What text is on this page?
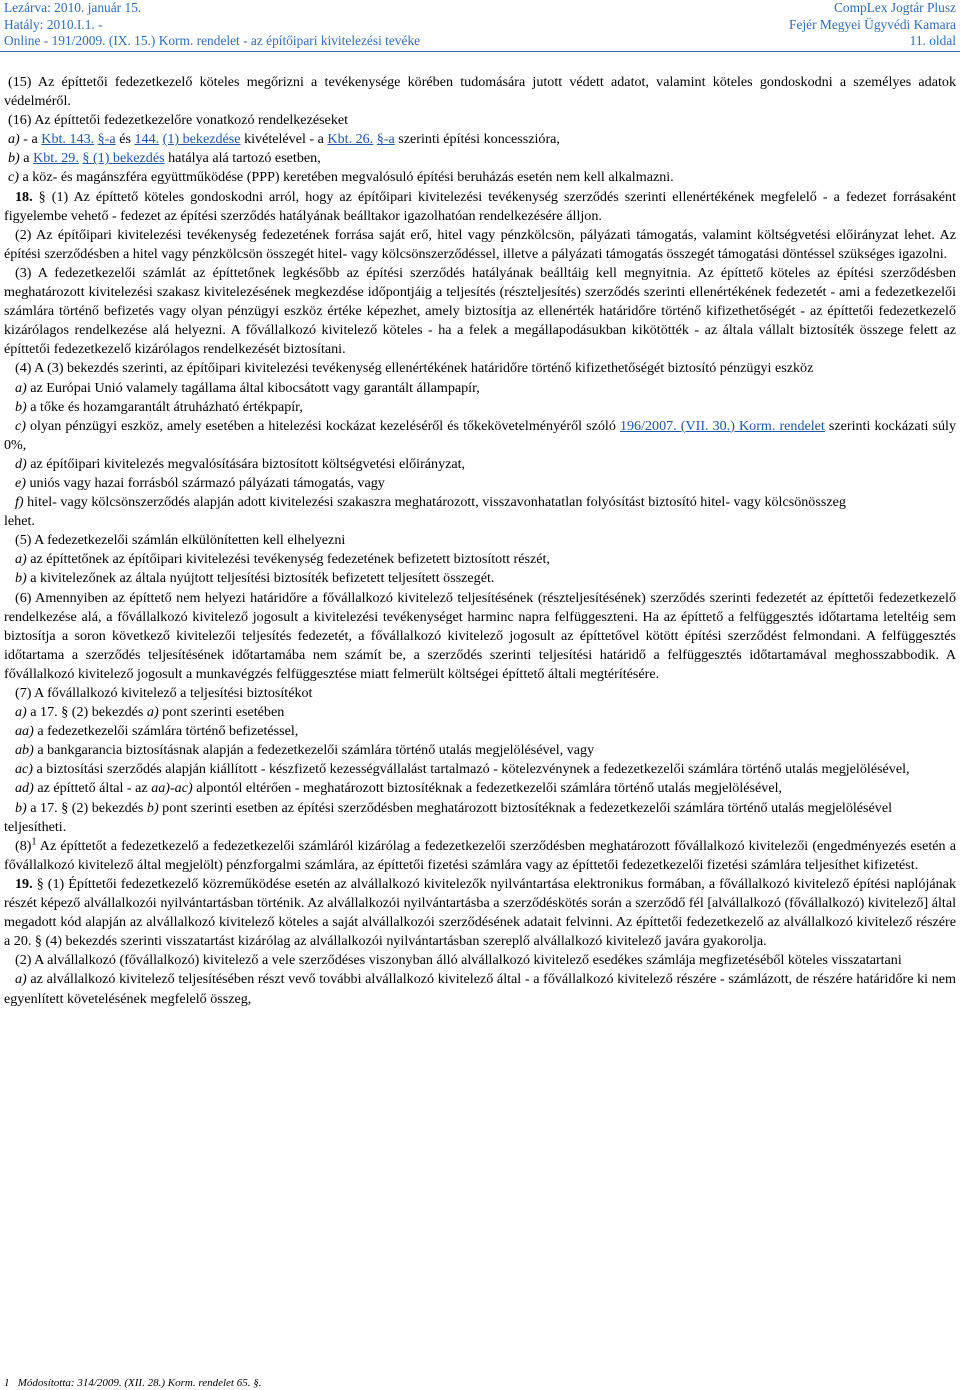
Lezárva: 2010. január 15.
Hatály: 2010.I.1. -
Online - 191/2009. (IX. 15.) Korm. rendelet - az építőipari kivitelezési tevéke
CompLex Jogtár Plusz
Fejér Megyei Ügyvédi Kamara
11. oldal

(15) Az építtetői fedezetkezelő köteles megőrizni a tevékenysége körében tudomására jutott védett adatot, valamint köteles gondoskodni a személyes adatok védelméről.

(16) Az építtetői fedezetkezelőre vonatkozó rendelkezéseket

a) - a Kbt. 143. §-a és 144. (1) bekezdése kivételével - a Kbt. 26. §-a szerinti építési koncesszióra,

b) a Kbt. 29. § (1) bekezdés hatálya alá tartozó esetben,

c) a köz- és magánszféra együttműködése (PPP) keretében megvalósuló építési beruházás esetén nem kell alkalmazni.

18. § (1) Az építtető köteles gondoskodni arról, hogy az építőipari kivitelezési tevékenység szerződés szerinti ellenértékének megfelelő - a fedezet forrásaként figyelembe vehető - fedezet az építési szerződés hatályának beálltakor igazolhatóan rendelkezésére álljon.

(2) Az építőipari kivitelezési tevékenység fedezetének forrása saját erő, hitel vagy pénzkölcsön, pályázati támogatás, valamint költségvetési előirányzat lehet. Az építési szerződésben a hitel vagy pénzkölcsön összegét hitel- vagy kölcsönszerződéssel, illetve a pályázati támogatás összegét támogatási döntéssel szükséges igazolni.

(3) A fedezetkezelői számlát az építtetőnek legkésőbb az építési szerződés hatályának beálltáig kell megnyitnia. Az építtető köteles az építési szerződésben meghatározott kivitelezési szakasz kivitelezésének megkezdése időpontjáig a teljesítés (részteljesítés) szerződés szerinti ellenértékének fedezetét - ami a fedezetkezelői számlára történő befizetés vagy olyan pénzügyi eszköz értéke képezhet, amely biztosítja az ellenérték határidőre történő kifizethetőségét - az építtetői fedezetkezelő kizárólagos rendelkezése alá helyezni. A fővállalkozó kivitelező köteles - ha a felek a megállapodásukban kikötötték - az általa vállalt biztosíték összege felett az építtetői fedezetkezelő kizárólagos rendelkezését biztosítani.

(4) A (3) bekezdés szerinti, az építőipari kivitelezési tevékenység ellenértékének határidőre történő kifizethetőségét biztosító pénzügyi eszköz

a) az Európai Unió valamely tagállama által kibocsátott vagy garantált állampapír,

b) a tőke és hozamgarantált átruházható értékpapír,

c) olyan pénzügyi eszköz, amely esetében a hitelezési kockázat kezeléséről és tőkekövetelményéről szóló 196/2007. (VII. 30.) Korm. rendelet szerinti kockázati súly 0%,

d) az építőipari kivitelezés megvalósítására biztosított költségvetési előirányzat,

e) uniós vagy hazai forrásból származó pályázati támogatás, vagy

f) hitel- vagy kölcsönszerződés alapján adott kivitelezési szakaszra meghatározott, visszavonhatatlan folyósítást biztosító hitel- vagy kölcsönösszeg

lehet.

(5) A fedezetkezelői számlán elkülönítetten kell elhelyezni

a) az építtetőnek az építőipari kivitelezési tevékenység fedezetének befizetett biztosított részét,

b) a kivitelezőnek az általa nyújtott teljesítési biztosíték befizetett teljesített összegét.

(6) Amennyiben az építtető nem helyezi határidőre a fővállalkozó kivitelező teljesítésének (részteljesítésének) szerződés szerinti fedezetét az építtetői fedezetkezelő rendelkezése alá, a fővállalkozó kivitelező jogosult a kivitelezési tevékenységet harminc napra felfüggeszteni. Ha az építtető a felfüggesztés időtartama leteltéig sem biztosítja a soron következő kivitelezői teljesítés fedezetét, a fővállalkozó kivitelező jogosult az építtetővel kötött építési szerződést felmondani. A felfüggesztés időtartama a szerződés teljesítésének időtartamába nem számít be, a szerződés szerinti teljesítési határidő a felfüggesztés időtartamával meghosszabbodik. A fővállalkozó kivitelező jogosult a munkavégzés felfüggesztése miatt felmerült költségei építtető általi megtérítésére.

(7) A fővállalkozó kivitelező a teljesítési biztosítékot

a) a 17. § (2) bekezdés a) pont szerinti esetében

aa) a fedezetkezelői számlára történő befizetéssel,

ab) a bankgarancia biztosításnak alapján a fedezetkezelői számlára történő utalás megjelölésével, vagy

ac) a biztosítási szerződés alapján kiállított - készfizető kezességvállalást tartalmazó - kötelezvénynek a fedezetkezelői számlára történő utalás megjelölésével,

ad) az építtető által - az aa)-ac) alpontól eltérően - meghatározott biztosítéknak a fedezetkezelői számlára történő utalás megjelölésével,

b) a 17. § (2) bekezdés b) pont szerinti esetben az építési szerződésben meghatározott biztosítéknak a fedezetkezelői számlára történő utalás megjelölésével

teljesítheti.

(8)$^1$ Az építtetőt a fedezetkezelő a fedezetkezelői számláról kizárólag a fedezetkezelői szerződésben meghatározott fővállalkozó kivitelezői (engedményezés esetén a fővállalkozó kivitelező által megjelölt) pénzforgalmi számlára, az építtetői fizetési számlára vagy az építtetői fedezetkezelői fizetési számlára teljesíthet kifizetést.

19. § (1) Építtetői fedezetkezelő közreműködése esetén az alvállalkozó kivitelezők nyilvántartása elektronikus formában, a fővállalkozó kivitelező építési naplójának részét képező alvállalkozói nyilvántartásban történik. Az alvállalkozói nyilvántartásba a szerződéskötés során a szerződő fél [alvállalkozó (fővállalkozó) kivitelező] által megadott kód alapján az alvállalkozó kivitelező köteles a saját alvállalkozói szerződésének adatait felvinni. Az építtetői fedezetkezelő az alvállalkozó kivitelező részére a 20. § (4) bekezdés szerinti visszatartást kizárólag az alvállalkozói nyilvántartásban szereplő alvállalkozó kivitelező javára gyakorolja.

(2) A alvállalkozó (fővállalkozó) kivitelező a vele szerződéses viszonyban álló alvállalkozó kivitelező esedékes számlája megfizetéséből köteles visszatartani

a) az alvállalkozó kivitelező teljesítésében részt vevő további alvállalkozó kivitelező által - a fővállalkozó kivitelező részére - számlázott, de részére határidőre ki nem egyenlített követelésének megfelelő összeg,

1 Módosította: 314/2009. (XII. 28.) Korm. rendelet 65. §.
